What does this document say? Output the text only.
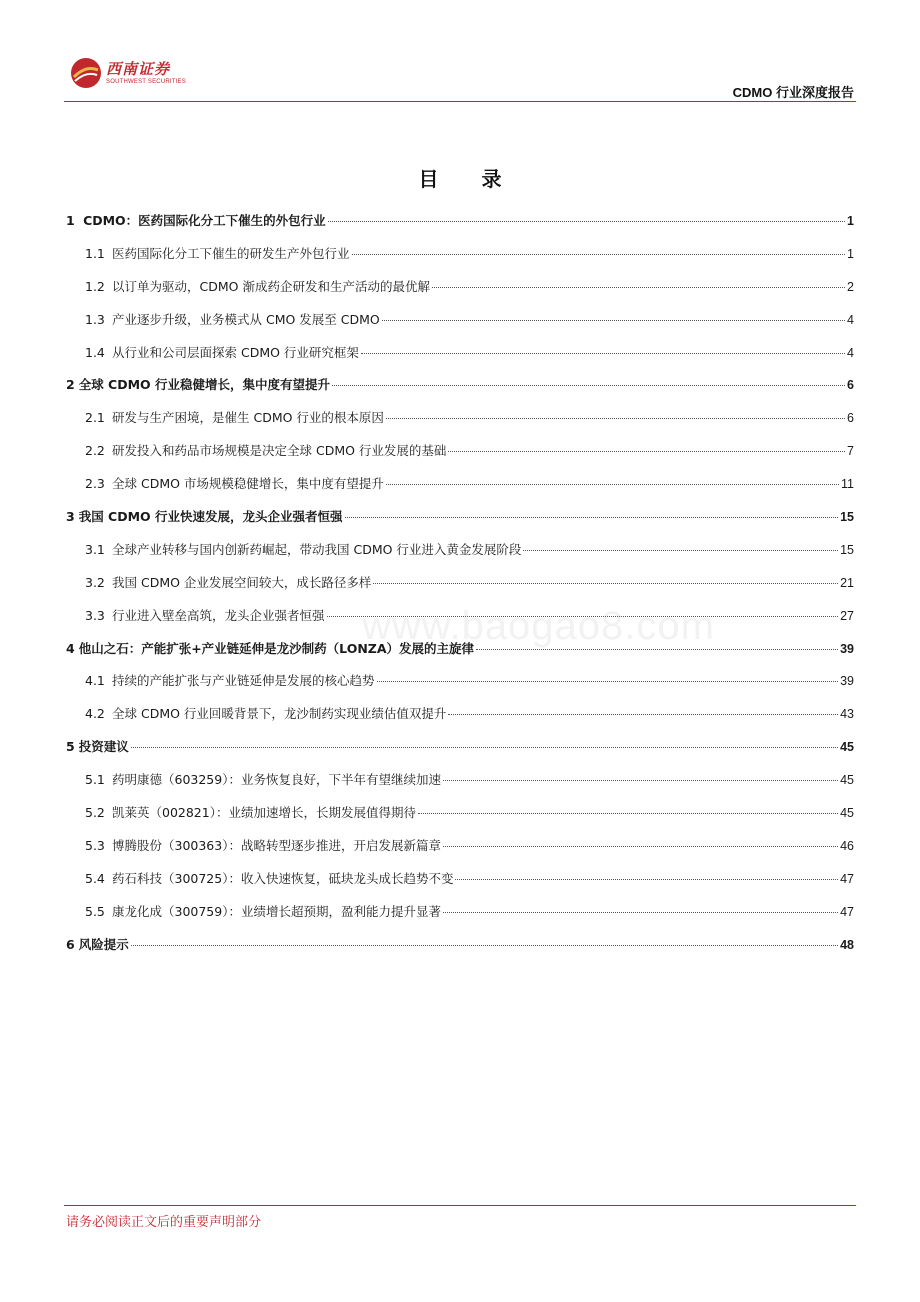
西南证券
SOUTHWEST SECURITIES
CDMO 行业深度报告
目 录
1 CDMO：医药国际化分工下催生的外包行业	1
1.1 医药国际化分工下催生的研发生产外包行业	1
1.2 以订单为驱动，CDMO 渐成药企研发和生产活动的最优解	2
1.3 产业逐步升级，业务模式从 CMO 发展至 CDMO	4
1.4 从行业和公司层面探索 CDMO 行业研究框架	4
2 全球 CDMO 行业稳健增长，集中度有望提升	6
2.1 研发与生产困境，是催生 CDMO 行业的根本原因	6
2.2 研发投入和药品市场规模是决定全球 CDMO 行业发展的基础	7
2.3 全球 CDMO 市场规模稳健增长，集中度有望提升	11
3 我国 CDMO 行业快速发展，龙头企业强者恒强	15
3.1 全球产业转移与国内创新药崛起，带动我国 CDMO 行业进入黄金发展阶段	15
3.2 我国 CDMO 企业发展空间较大，成长路径多样	21
3.3 行业进入壁垒高筑，龙头企业强者恒强	27
4 他山之石：产能扩张+产业链延伸是龙沙制药（LONZA）发展的主旋律	39
4.1 持续的产能扩张与产业链延伸是发展的核心趋势	39
4.2 全球 CDMO 行业回暖背景下，龙沙制药实现业绩估值双提升	43
5 投资建议	45
5.1 药明康德（603259）：业务恢复良好，下半年有望继续加速	45
5.2 凯莱英（002821）：业绩加速增长，长期发展值得期待	45
5.3 博腾股份（300363）：战略转型逐步推进，开启发展新篇章	46
5.4 药石科技（300725）：收入快速恢复，砥块龙头成长趋势不变	47
5.5 康龙化成（300759）：业绩增长超预期，盈利能力提升显著	47
6 风险提示	48
www.baogao8.com
请务必阅读正文后的重要声明部分
